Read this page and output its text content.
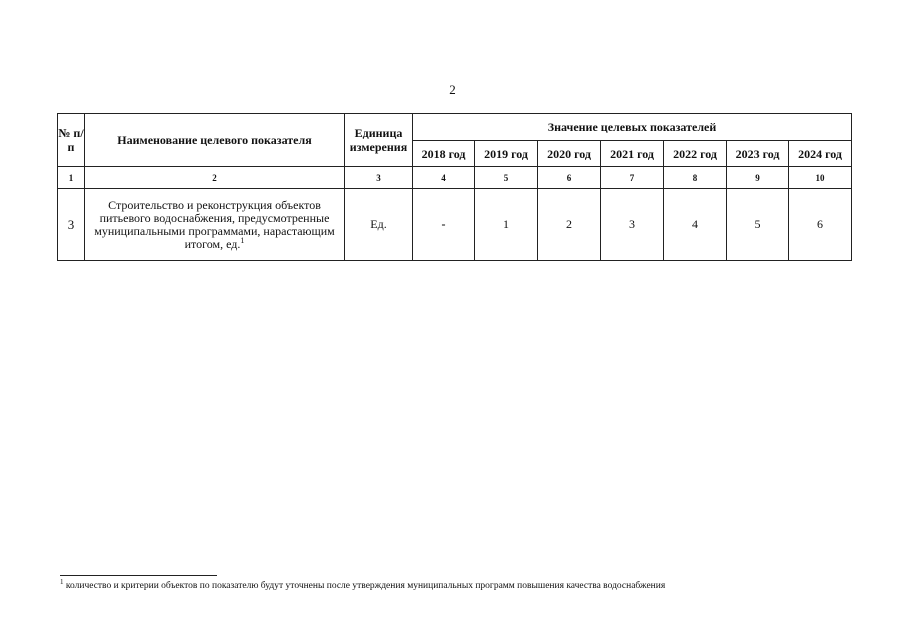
2
№ п/п	Наименование целевого показателя	Единица измерения	Значение целевых показателей						
			2018 год	2019 год	2020 год	2021 год	2022 год	2023 год	2024 год
1	2	3	4	5	6	7	8	9	10
3	Строительство и реконструкция объектов питьевого водоснабжения, предусмотренные муниципальными программами, нарастающим итогом, ед.$^1$	Ед.	-	1	2	3	4	5	6
$^1$ количество и критерии объектов по показателю будут уточнены после утверждения муниципальных программ повышения качества водоснабжения
